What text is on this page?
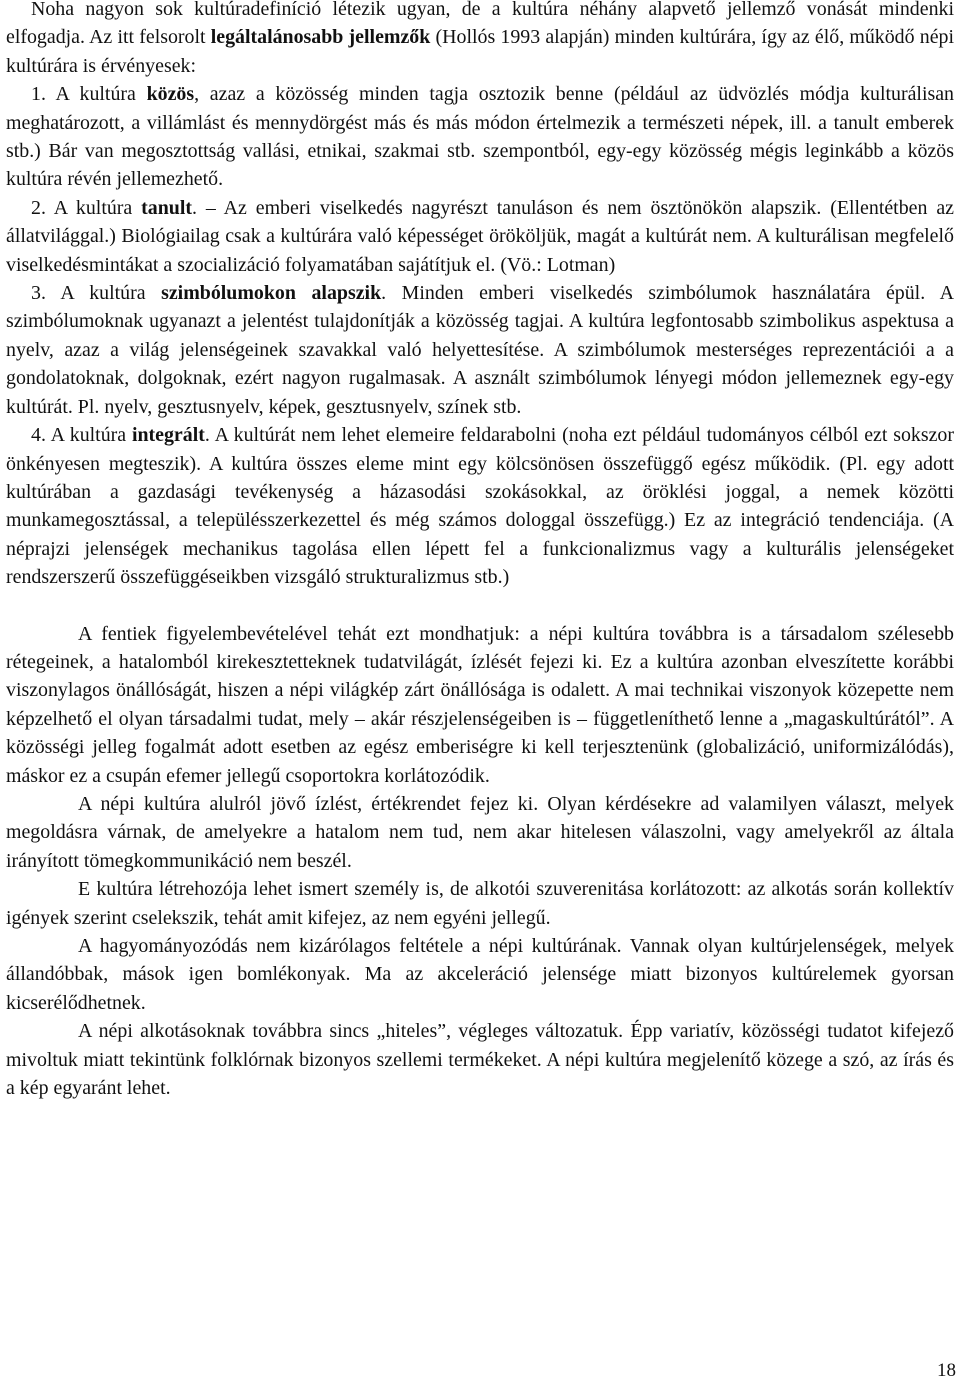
Noha nagyon sok kultúradefiníció létezik ugyan, de a kultúra néhány alapvető jellemző vonását mindenki elfogadja. Az itt felsorolt legáltalánosabb jellemzők (Hollós 1993 alapján) minden kultúrára, így az élő, működő népi kultúrára is érvényesek:

1. A kultúra közös, azaz a közösség minden tagja osztozik benne (például az üdvözlés módja kulturálisan meghatározott, a villámlást és mennydörgést más és más módon értelmezik a természeti népek, ill. a tanult emberek stb.) Bár van megosztottság vallási, etnikai, szakmai stb. szempontból, egy-egy közösség mégis leginkább a közös kultúra révén jellemezhető.

2. A kultúra tanult. – Az emberi viselkedés nagyrészt tanuláson és nem ösztönökön alapszik. (Ellentétben az állatvilággal.) Biológiailag csak a kultúrára való képességet örököljük, magát a kultúrát nem. A kulturálisan megfelelő viselkedésmintákat a szocializáció folyamatában sajátítjuk el. (Vö.: Lotman)

3. A kultúra szimbólumokon alapszik. Minden emberi viselkedés szimbólumok használatára épül. A szimbólumoknak ugyanazt a jelentést tulajdonítják a közösség tagjai. A kultúra legfontosabb szimbolikus aspektusa a nyelv, azaz a világ jelenségeinek szavakkal való helyettesítése. A szimbólumok mesterséges reprezentációi a a gondolatoknak, dolgoknak, ezért nagyon rugalmasak. A asznált szimbólumok lényegi módon jellemeznek egy-egy kultúrát. Pl. nyelv, gesztusnyelv, képek, gesztusnyelv, színek stb.

4. A kultúra integrált. A kultúrát nem lehet elemeire feldarabolni (noha ezt például tudományos célból ezt sokszor önkényesen megteszik). A kultúra összes eleme mint egy kölcsönösen összefüggő egész működik. (Pl. egy adott kultúrában a gazdasági tevékenység a házasodási szokásokkal, az öröklési joggal, a nemek közötti munkamegosztással, a településszerkezettel és még számos dologgal összefügg.) Ez az integráció tendenciája. (A néprajzi jelenségek mechanikus tagolása ellen lépett fel a funkcionalizmus vagy a kulturális jelenségeket rendszerszerű összefüggéseikben vizsgáló strukturalizmus stb.)

A fentiek figyelembevételével tehát ezt mondhatjuk: a népi kultúra továbbra is a társadalom szélesebb rétegeinek, a hatalomból kirekesztetteknek tudatvilágát, ízlését fejezi ki. Ez a kultúra azonban elveszítette korábbi viszonylagos önállóságát, hiszen a népi világkép zárt önállósága is odalett. A mai technikai viszonyok közepette nem képzelhető el olyan társadalmi tudat, mely – akár részjelenségeiben is – függetleníthető lenne a „magaskultúrától”. A közösségi jelleg fogalmát adott esetben az egész emberiségre ki kell terjesztenünk (globalizáció, uniformizálódás), máskor ez a csupán efemer jellegű csoportokra korlátozódik.

A népi kultúra alulról jövő ízlést, értékrendet fejez ki. Olyan kérdésekre ad valamilyen választ, melyek megoldásra várnak, de amelyekre a hatalom nem tud, nem akar hitelesen válaszolni, vagy amelyekről az általa irányított tömegkommunikáció nem beszél.

E kultúra létrehozója lehet ismert személy is, de alkotói szuverenitása korlátozott: az alkotás során kollektív igények szerint cselekszik, tehát amit kifejez, az nem egyéni jellegű.

A hagyományozódás nem kizárólagos feltétele a népi kultúrának. Vannak olyan kultúrjelenségek, melyek állandóbbak, mások igen bomlékonyak. Ma az akceleráció jelensége miatt bizonyos kultúrelemek gyorsan kicserélődhetnek.

A népi alkotásoknak továbbra sincs „hiteles”, végleges változatuk. Épp variatív, közösségi tudatot kifejező mivoltuk miatt tekintünk folklórnak bizonyos szellemi termékeket. A népi kultúra megjelenítő közege a szó, az írás és a kép egyaránt lehet.

18
